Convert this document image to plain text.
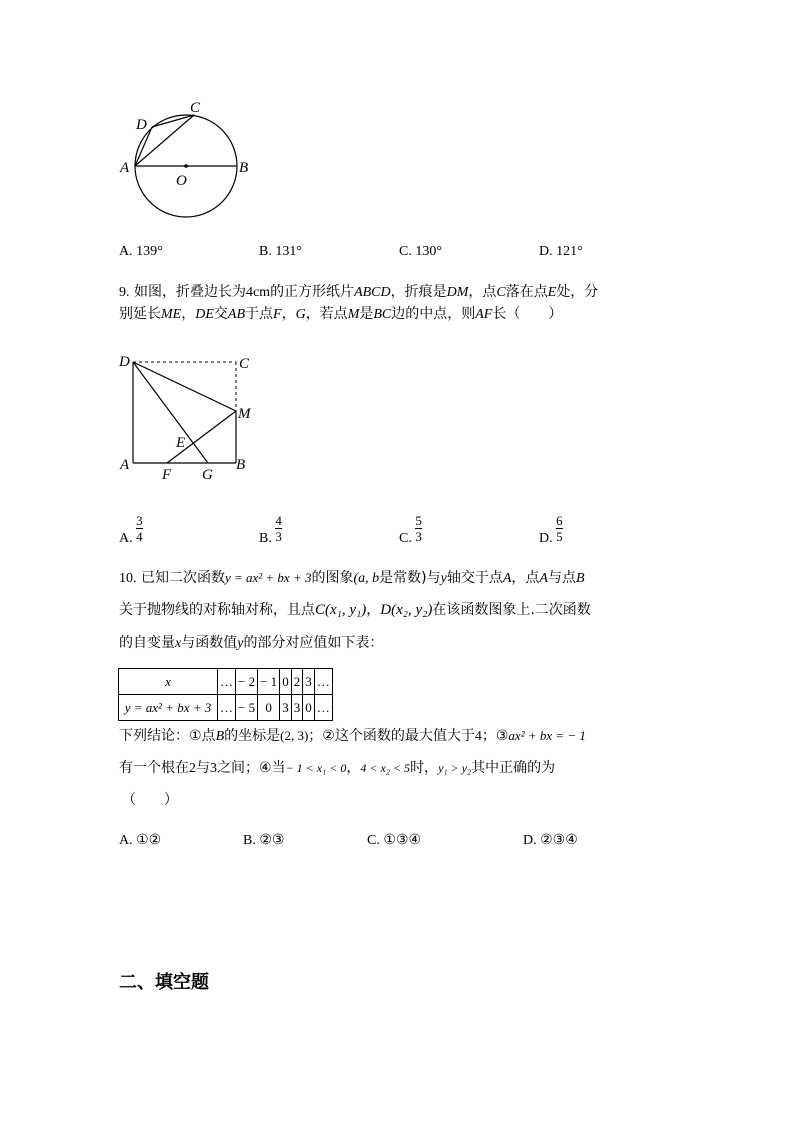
A	B
C
D
O
A. 139°	B. 131°	C. 130°	D. 121°
9. 如图，折叠边长为4cm的正方形纸片ABCD，折痕是DM，点C落在点E处，分
别延长ME，DE交AB于点F，G，若点M是BC边的中点，则AF长（　　）
D	C
M
E
A	B
F G
A. $\frac{3}{4}$	B. $\frac{4}{3}$	C. $\frac{5}{3}$	D. $\frac{6}{5}$
10. 已知二次函数y = ax² + bx + 3的图象(a, b是常数)与y轴交于点A，点A与点B
关于抛物线的对称轴对称，且点C(x₁, y₁)，D(x₂, y₂)在该函数图象上.二次函数
的自变量x与函数值y的部分对应值如下表：
x	…	− 2	− 1	0	2	3	…
y = ax² + bx + 3	…	− 5	0	3	3	0	…
下列结论：①点B的坐标是(2, 3)；②这个函数的最大值大于4；③ax² + bx = − 1
有一个根在2与3之间；④当− 1 < x₁ < 0，4 < x₂ < 5时，y₁ > y₂其中正确的为
（　　）
A. ①②	B. ②③	C. ①③④	D. ②③④
二、填空题
